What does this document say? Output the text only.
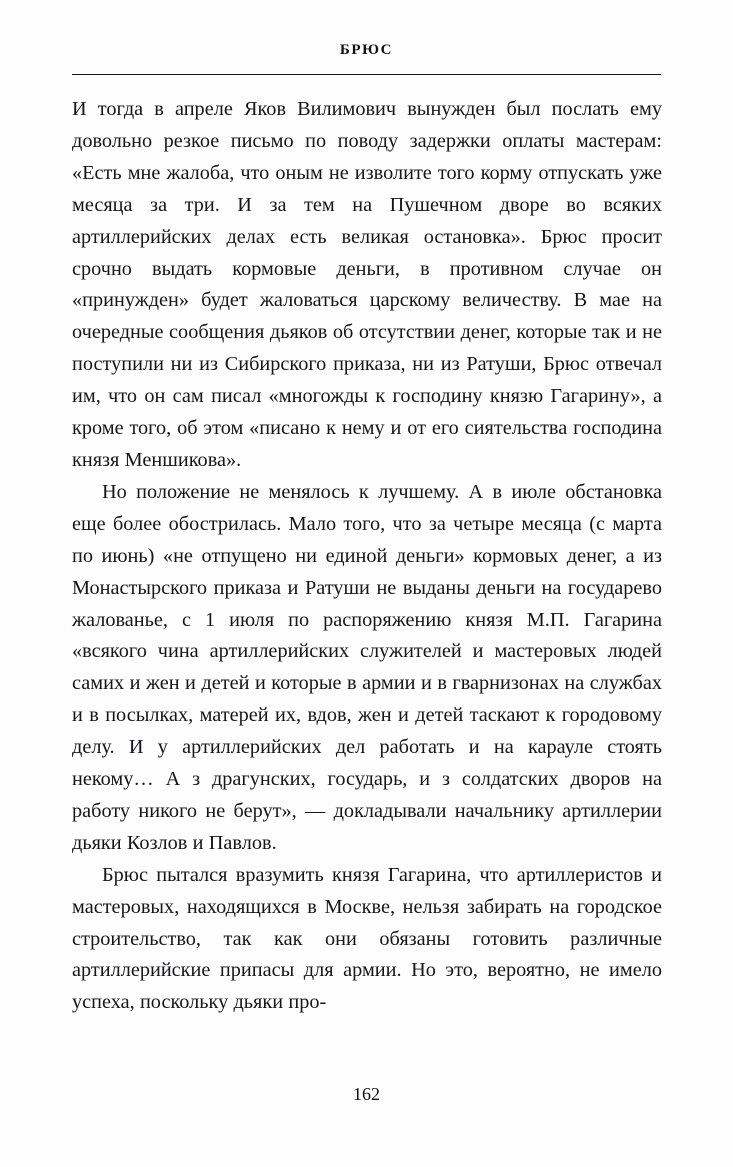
БРЮС

И тогда в апреле Яков Вилимович вынужден был послать ему довольно резкое письмо по поводу задержки оплаты мастерам: «Есть мне жалоба, что оным не изволите того корму отпускать уже месяца за три. И за тем на Пушечном дворе во всяких артиллерийских делах есть великая остановка». Брюс просит срочно выдать кормовые деньги, в противном случае он «принужден» будет жаловаться царскому величеству. В мае на очередные сообщения дьяков об отсутствии денег, которые так и не поступили ни из Сибирского приказа, ни из Ратуши, Брюс отвечал им, что он сам писал «многожды к господину князю Гагарину», а кроме того, об этом «писано к нему и от его сиятельства господина князя Меншикова».

Но положение не менялось к лучшему. А в июле обстановка еще более обострилась. Мало того, что за четыре месяца (с марта по июнь) «не отпущено ни единой деньги» кормовых денег, а из Монастырского приказа и Ратуши не выданы деньги на государево жалованье, с 1 июля по распоряжению князя М.П. Гагарина «всякого чина артиллерийских служителей и мастеровых людей самих и жен и детей и которые в армии и в гварнизонах на службах и в посылках, матерей их, вдов, жен и детей таскают к городовому делу. И у артиллерийских дел работать и на карауле стоять некому… А з драгунских, государь, и з солдатских дворов на работу никого не берут», — докладывали начальнику артиллерии дьяки Козлов и Павлов.

Брюс пытался вразумить князя Гагарина, что артиллеристов и мастеровых, находящихся в Москве, нельзя забирать на городское строительство, так как они обязаны готовить различные артиллерийские припасы для армии. Но это, вероятно, не имело успеха, поскольку дьяки про-

162
